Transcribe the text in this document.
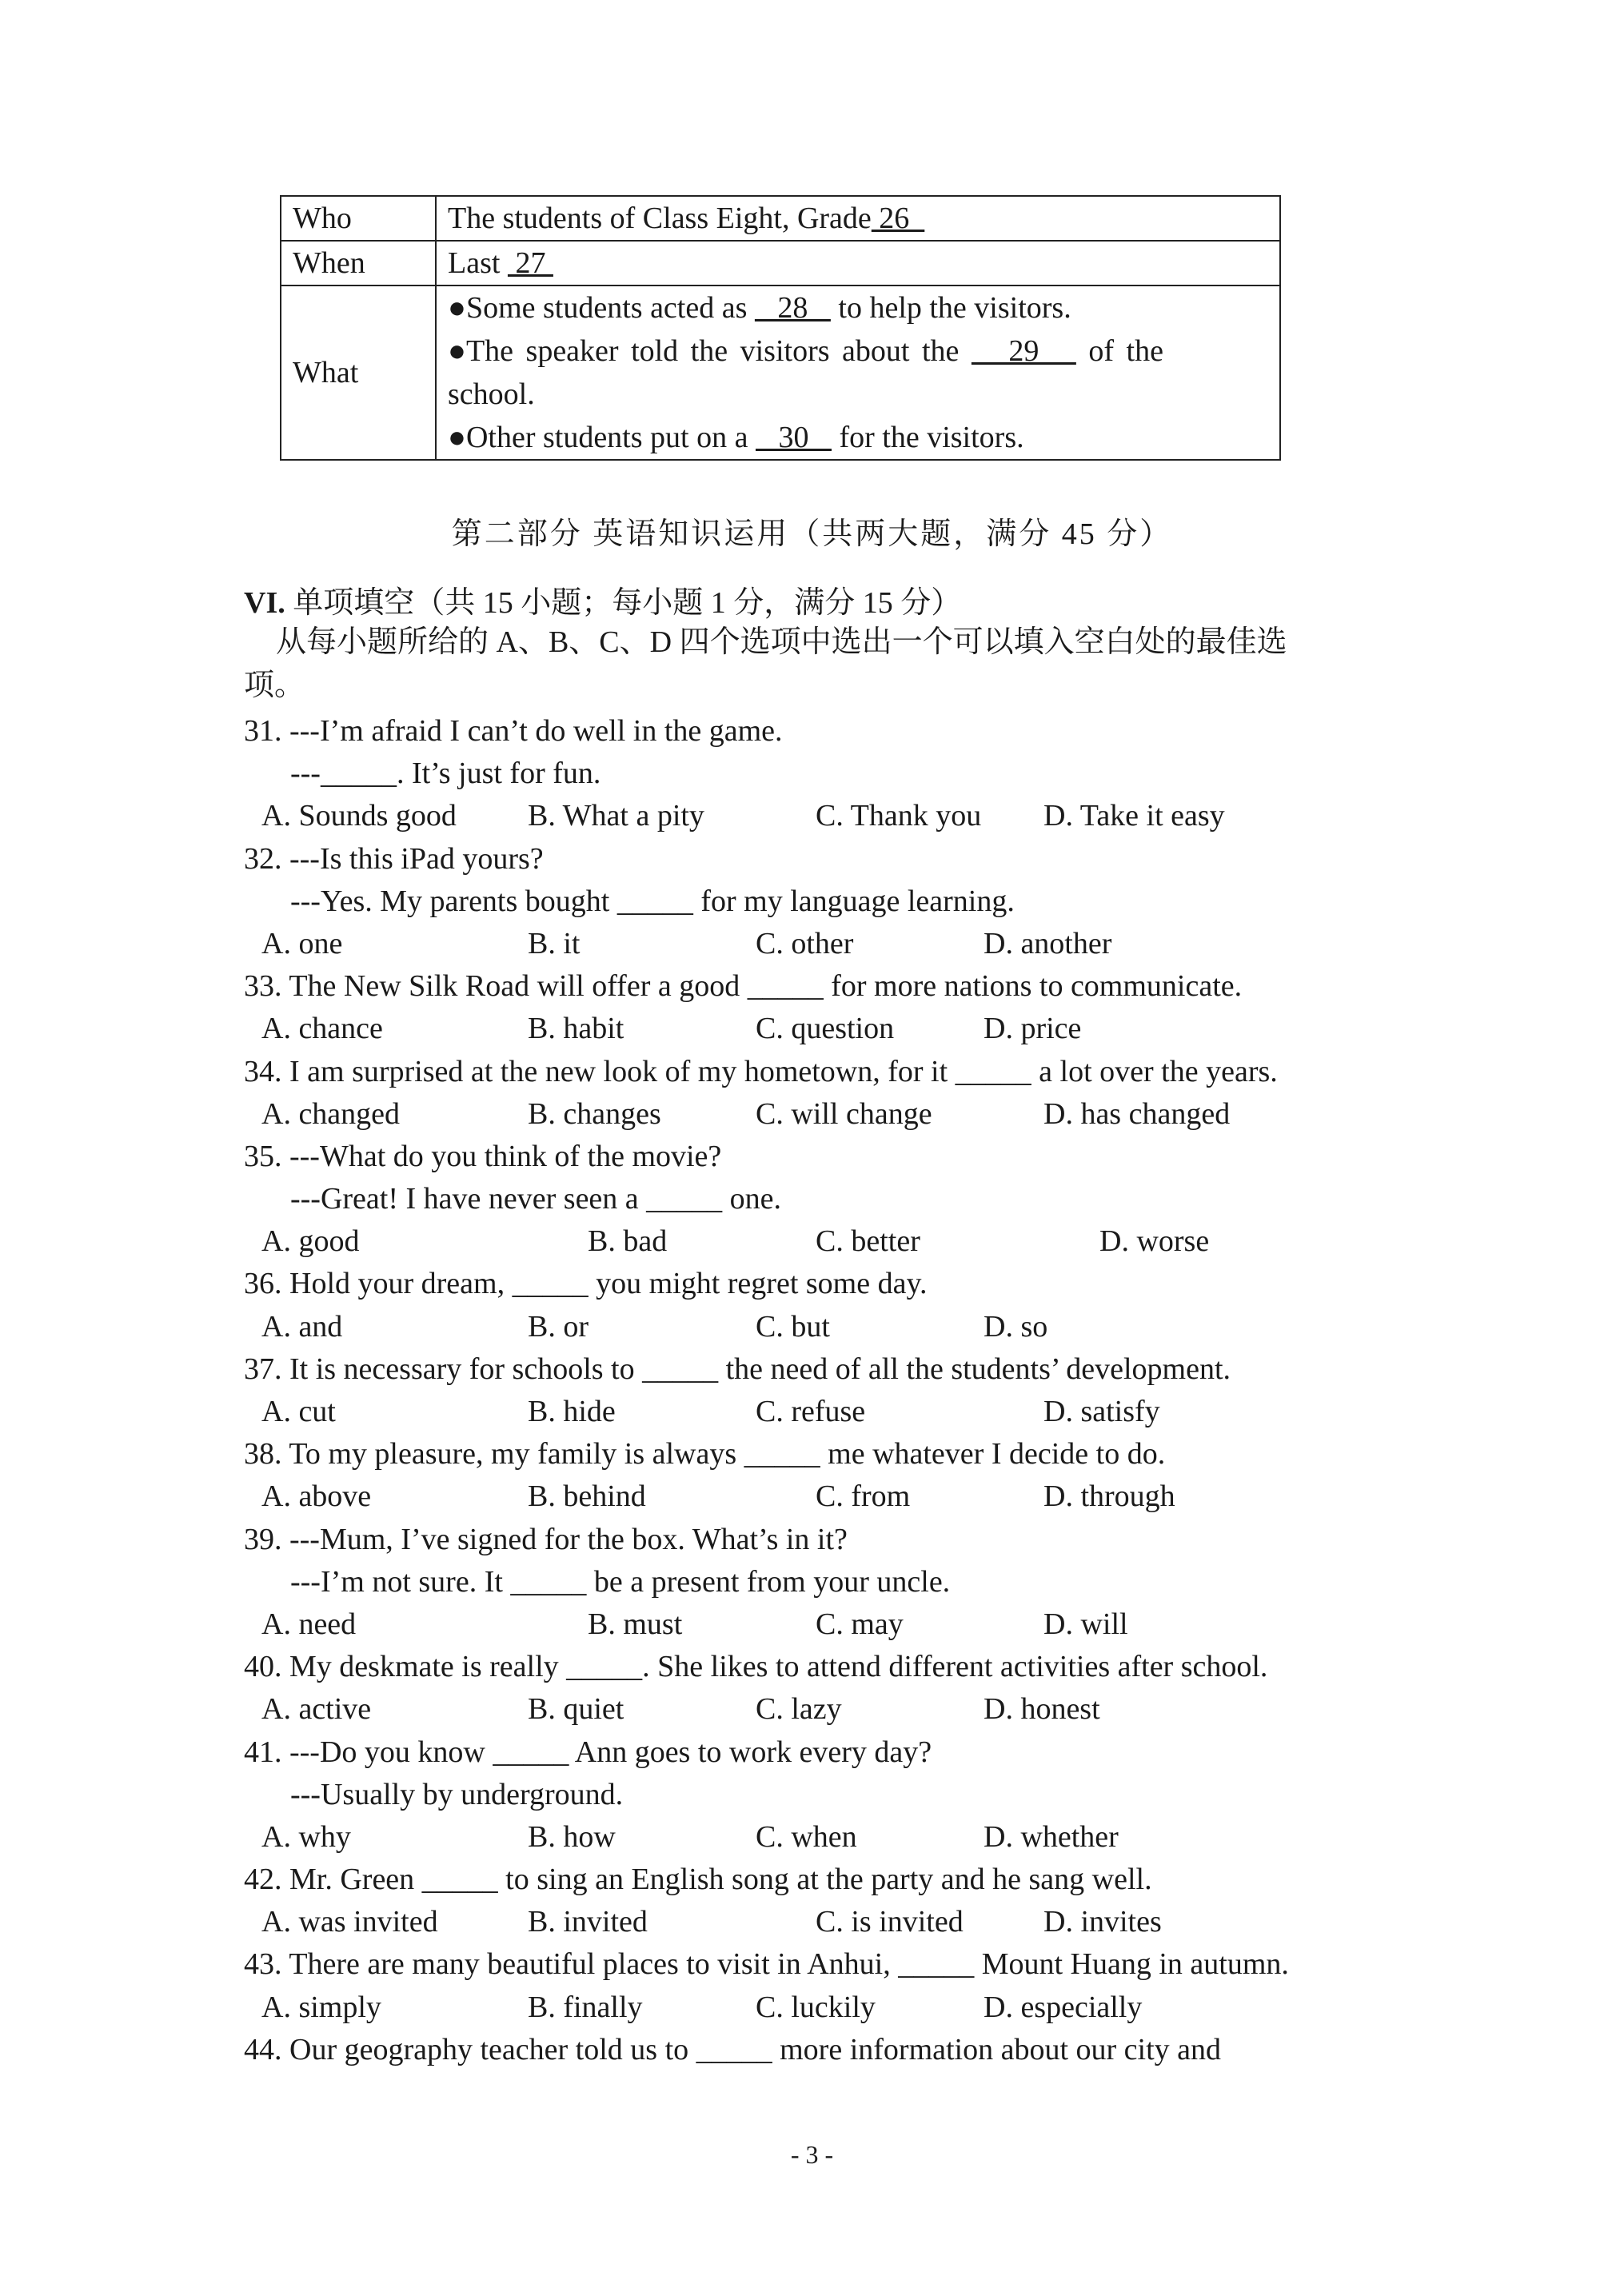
Who	The students of Class Eight, Grade 26
When	Last  27
What	●Some students acted as    28    to help the visitors.

●The speaker told the visitors about the    29    of the

school.

●Other students put on a    30    for the visitors.

第二部分 英语知识运用（共两大题，满分 45 分）
VI. 单项填空（共 15 小题；每小题 1 分，满分 15 分）
从每小题所给的 A、B、C、D 四个选项中选出一个可以填入空白处的最佳选
项。
31. ---I’m afraid I can’t do well in the game.
---_____. It’s just for fun.
A. Sounds good B. What a pity	C. Thank you D. Take it easy
32. ---Is this iPad yours?
---Yes. My parents bought _____ for my language learning.
A. one	B. it	C. other	D. another
33. The New Silk Road will offer a good _____ for more nations to communicate.
A. chance	B. habit	C. question	D. price
34. I am surprised at the new look of my hometown, for it _____ a lot over the years.
A. changed	B. changes	C. will change	D. has changed
35. ---What do you think of the movie?
---Great! I have never seen a _____ one.
A. good	B. bad	C. better	D. worse
36. Hold your dream, _____ you might regret some day.
A. and	B. or	C. but	D. so
37. It is necessary for schools to _____ the need of all the students’ development.
A. cut	B. hide	C. refuse	D. satisfy
38. To my pleasure, my family is always _____ me whatever I decide to do.
A. above	B. behind	C. from	D. through
39. ---Mum, I’ve signed for the box. What’s in it?
---I’m not sure. It _____ be a present from your uncle.
A. need	B. must	C. may	D. will
40. My deskmate is really _____. She likes to attend different activities after school.
A. active	B. quiet	C. lazy	D. honest
41. ---Do you know _____ Ann goes to work every day?
---Usually by underground.
A. why	B. how	C. when	D. whether
42. Mr. Green _____ to sing an English song at the party and he sang well.
A. was invited	B. invited	C. is invited	D. invites
43. There are many beautiful places to visit in Anhui, _____ Mount Huang in autumn.
A. simply	B. finally	C. luckily	D. especially
44. Our geography teacher told us to _____ more information about our city and
- 3 -
